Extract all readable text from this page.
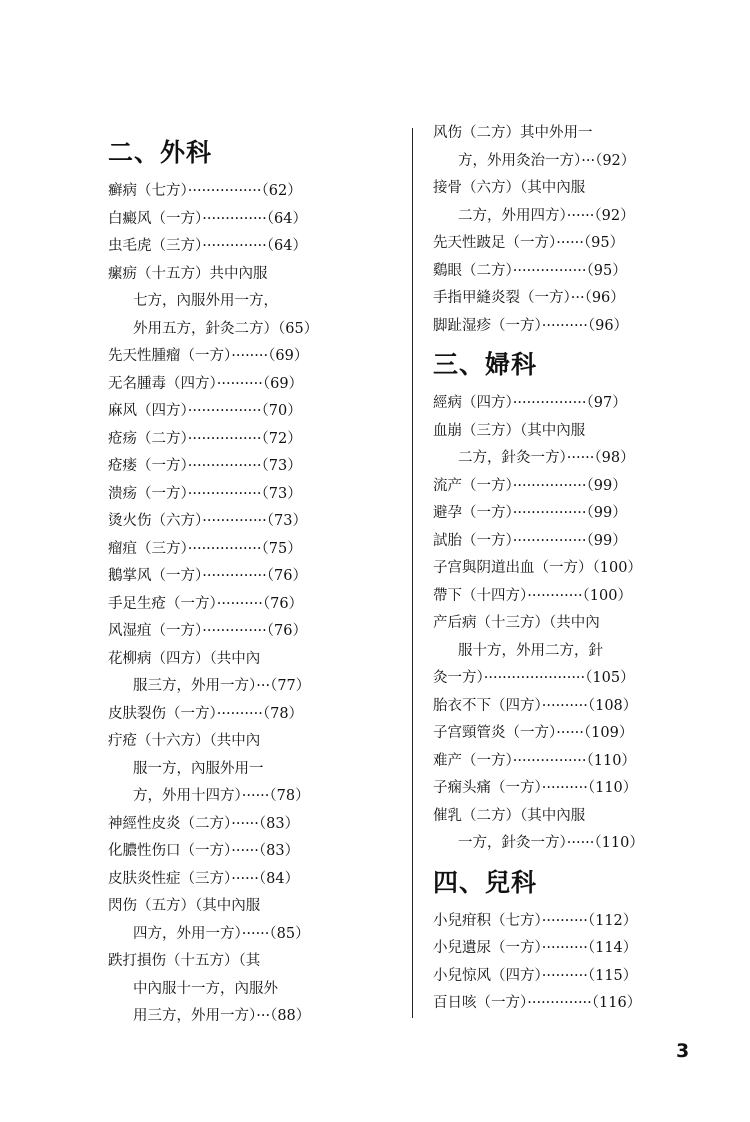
二、外科
癣病（七方）················（62）
白癜风（一方）··············（64）
虫毛虎（三方）··············（64）
瘰疬（十五方）共中內服
七方，內服外用一方，
外用五方，針灸二方）（65）
先天性腫瘤（一方）········（69）
无名腫毒（四方）··········（69）
麻风（四方）················（70）
疮疡（二方）················（72）
疮瘘（一方）················（73）
溃疡（一方）················（73）
烫火伤（六方）··············（73）
瘤疽（三方）················（75）
鵝掌风（一方）··············（76）
手足生疮（一方）··········（76）
风湿疽（一方）··············（76）
花柳病（四方）（共中內
服三方，外用一方）···（77）
皮肤裂伤（一方）··········（78）
疔疮（十六方）（共中內
服一方，內服外用一
方，外用十四方）······（78）
神經性皮炎（二方）······（83）
化膿性伤口（一方）······（83）
皮肤炎性症（三方）······（84）
閃伤（五方）（其中內服
四方，外用一方）······（85）
跌打損伤（十五方）（其
中內服十一方，內服外
用三方，外用一方）···（88）
风伤（二方）其中外用一
方，外用灸治一方）···（92）
接骨（六方）（其中內服
二方，外用四方）······（92）
先天性跛足（一方）······（95）
鷄眼（二方）················（95）
手指甲縫炎裂（一方）···（96）
脚趾湿疹（一方）··········（96）
三、婦科
經病（四方）················（97）
血崩（三方）（其中內服
二方，針灸一方）······（98）
流产（一方）················（99）
避孕（一方）················（99）
試胎（一方）················（99）
子宫與阴道出血（一方）（100）
帶下（十四方）············（100）
产后病（十三方）（共中內
服十方，外用二方，針
灸一方）······················（105）
胎衣不下（四方）··········（108）
子宫頸管炎（一方）······（109）
难产（一方）················（110）
子痫头痛（一方）··········（110）
催乳（二方）（其中內服
一方，針灸一方）······（110）
四、兒科
小兒疳积（七方）··········（112）
小兒遺尿（一方）··········（114）
小兒惊风（四方）··········（115）
百日咳（一方）··············（116）
3
